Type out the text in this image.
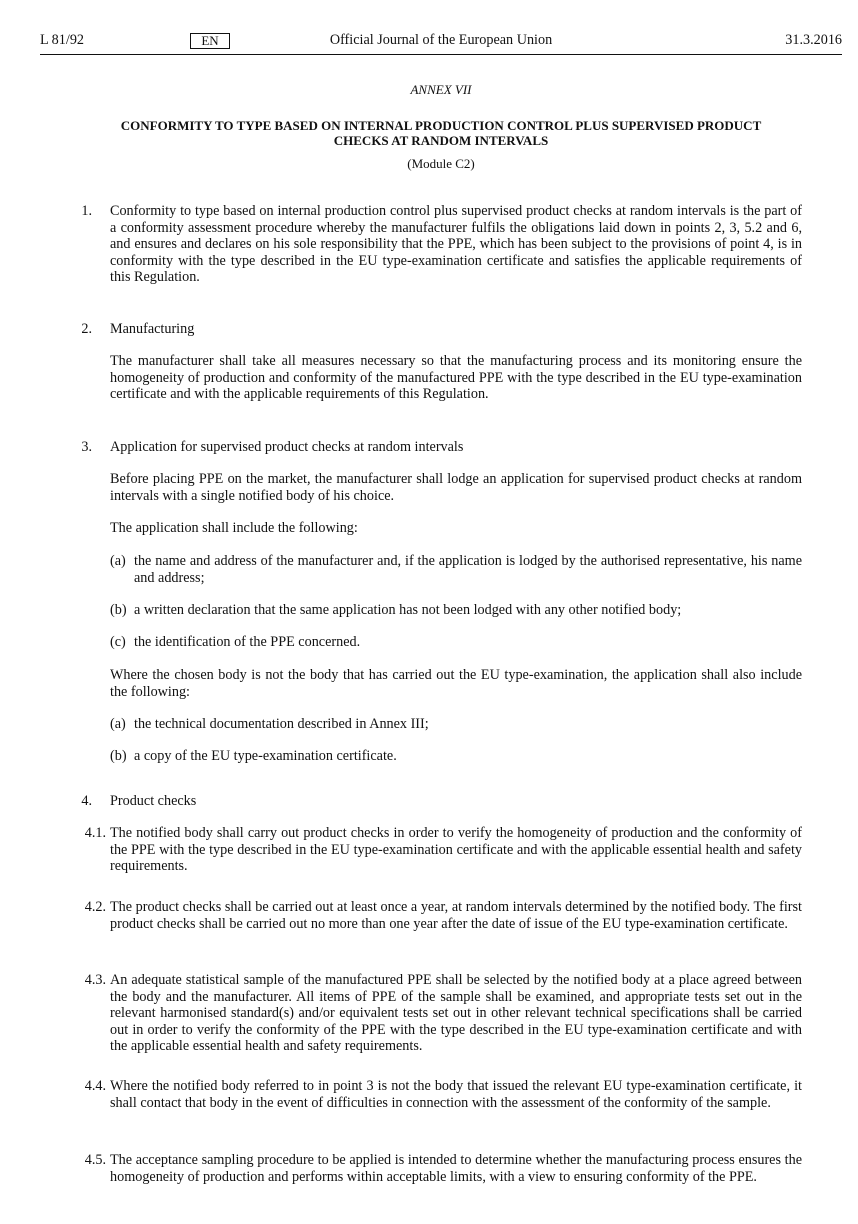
L 81/92	EN	Official Journal of the European Union	31.3.2016
ANNEX VII
CONFORMITY TO TYPE BASED ON INTERNAL PRODUCTION CONTROL PLUS SUPERVISED PRODUCT CHECKS AT RANDOM INTERVALS
(Module C2)
1. Conformity to type based on internal production control plus supervised product checks at random intervals is the part of a conformity assessment procedure whereby the manufacturer fulfils the obligations laid down in points 2, 3, 5.2 and 6, and ensures and declares on his sole responsibility that the PPE, which has been subject to the provisions of point 4, is in conformity with the type described in the EU type-examination certificate and satisfies the applicable requirements of this Regulation.
2. Manufacturing
The manufacturer shall take all measures necessary so that the manufacturing process and its monitoring ensure the homogeneity of production and conformity of the manufactured PPE with the type described in the EU type-examination certificate and with the applicable requirements of this Regulation.
3. Application for supervised product checks at random intervals
Before placing PPE on the market, the manufacturer shall lodge an application for supervised product checks at random intervals with a single notified body of his choice.
The application shall include the following:
(a) the name and address of the manufacturer and, if the application is lodged by the authorised representative, his name and address;
(b) a written declaration that the same application has not been lodged with any other notified body;
(c) the identification of the PPE concerned.
Where the chosen body is not the body that has carried out the EU type-examination, the application shall also include the following:
(a) the technical documentation described in Annex III;
(b) a copy of the EU type-examination certificate.
4. Product checks
4.1. The notified body shall carry out product checks in order to verify the homogeneity of production and the conformity of the PPE with the type described in the EU type-examination certificate and with the applicable essential health and safety requirements.
4.2. The product checks shall be carried out at least once a year, at random intervals determined by the notified body. The first product checks shall be carried out no more than one year after the date of issue of the EU type-examination certificate.
4.3. An adequate statistical sample of the manufactured PPE shall be selected by the notified body at a place agreed between the body and the manufacturer. All items of PPE of the sample shall be examined, and appropriate tests set out in the relevant harmonised standard(s) and/or equivalent tests set out in other relevant technical specifications shall be carried out in order to verify the conformity of the PPE with the type described in the EU type-examination certificate and with the applicable essential health and safety requirements.
4.4. Where the notified body referred to in point 3 is not the body that issued the relevant EU type-examination certificate, it shall contact that body in the event of difficulties in connection with the assessment of the conformity of the sample.
4.5. The acceptance sampling procedure to be applied is intended to determine whether the manufacturing process ensures the homogeneity of production and performs within acceptable limits, with a view to ensuring conformity of the PPE.
